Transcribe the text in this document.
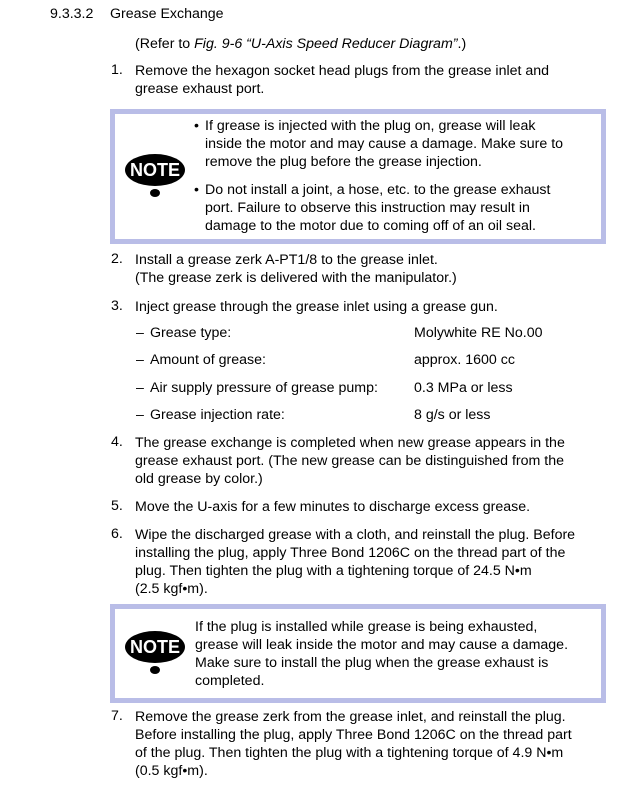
9.3.3.2 Grease Exchange
(Refer to Fig. 9-6 “U-Axis Speed Reducer Diagram”.)
1. Remove the hexagon socket head plugs from the grease inlet and
grease exhaust port.
NOTE
• If grease is injected with the plug on, grease will leak
inside the motor and may cause a damage. Make sure to
remove the plug before the grease injection.
• Do not install a joint, a hose, etc. to the grease exhaust
port. Failure to observe this instruction may result in
damage to the motor due to coming off of an oil seal.
2. Install a grease zerk A-PT1/8 to the grease inlet.
(The grease zerk is delivered with the manipulator.)
3. Inject grease through the grease inlet using a grease gun.
– Grease type:	Molywhite RE No.00
– Amount of grease:	approx. 1600 cc
– Air supply pressure of grease pump:	0.3 MPa or less
– Grease injection rate:	8 g/s or less
4. The grease exchange is completed when new grease appears in the
grease exhaust port. (The new grease can be distinguished from the
old grease by color.)
5. Move the U-axis for a few minutes to discharge excess grease.
6. Wipe the discharged grease with a cloth, and reinstall the plug. Before
installing the plug, apply Three Bond 1206C on the thread part of the
plug. Then tighten the plug with a tightening torque of 24.5 N•m
(2.5 kgf•m).
NOTE
If the plug is installed while grease is being exhausted,
grease will leak inside the motor and may cause a damage.
Make sure to install the plug when the grease exhaust is
completed.
7. Remove the grease zerk from the grease inlet, and reinstall the plug.
Before installing the plug, apply Three Bond 1206C on the thread part
of the plug. Then tighten the plug with a tightening torque of 4.9 N•m
(0.5 kgf•m).
